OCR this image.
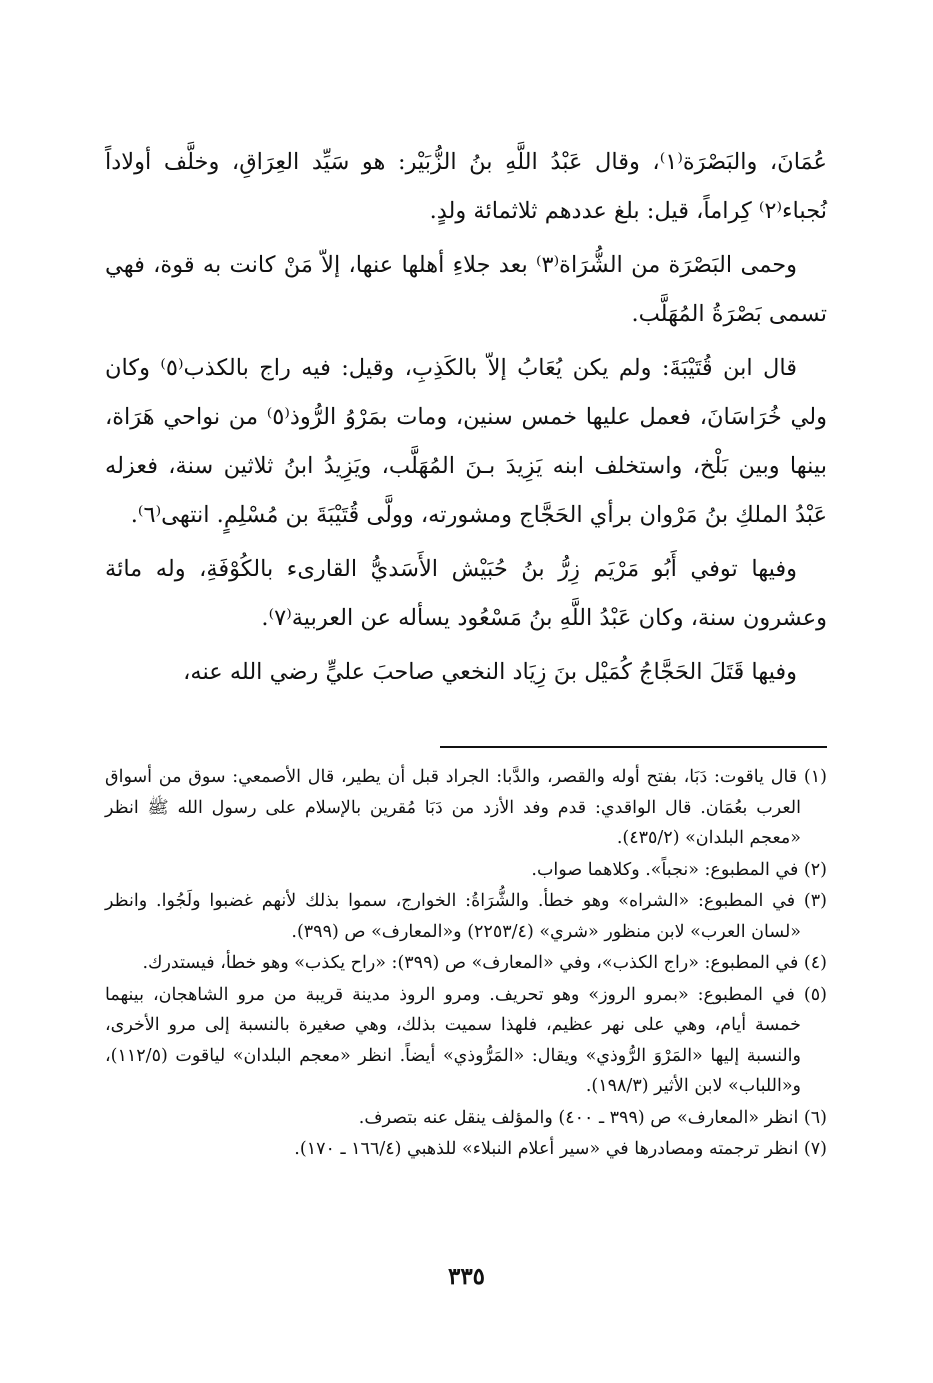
عُمَانَ، والبَصْرَة⁽١⁾، وقال عَبْدُ اللَّهِ بنُ الزُّبَيْر: هو سَيِّد العِرَاقِ، وخلَّف أولاداً نُجباء⁽٢⁾ كِراماً، قيل: بلغ عددهم ثلاثمائة ولدٍ.

وحمى البَصْرَة من الشُّرَاة⁽٣⁾ بعد جلاءِ أهلها عنها، إلاّ مَنْ كانت به قوة، فهي تسمى بَصْرَةُ المُهَلَّب.

قال ابن قُتَيْبَةَ: ولم يكن يُعَابُ إلاّ بالكَذِبِ، وقيل: فيه راج بالكذب⁽٥⁾ وكان ولي خُرَاسَانَ، فعمل عليها خمس سنين، ومات بمَرْوُ الرُّوذ⁽٥⁾ من نواحي هَرَاة، بينها وبين بَلْخ، واستخلف ابنه يَزِيدَ بـنَ المُهَلَّب، ويَزِيدُ ابنُ ثلاثين سنة، فعزله عَبْدُ الملكِ بنُ مَرْوان برأي الحَجَّاج ومشورته، وولَّى قُتَيْبَةَ بن مُسْلِمٍ. انتهى⁽٦⁾.

وفيها توفي أَبُو مَرْيَم زِرُّ بنُ حُبَيْش الأَسَديُّ القارىء بالكُوْفَةِ، وله مائة وعشرون سنة، وكان عَبْدُ اللَّهِ بنُ مَسْعُود يسأله عن العربية⁽٧⁾.

وفيها قَتَلَ الحَجَّاجُ كُمَيْل بنَ زِيَاد النخعي صاحبَ عليٍّ رضي الله عنه،

(١) قال ياقوت: دَبَا، بفتح أوله والقصر، والدَّبا: الجراد قبل أن يطير، قال الأصمعي: سوق من أسواق العرب بعُمَان. قال الواقدي: قدم وفد الأزد من دَبَا مُقرين بالإسلام على رسول الله ﷺ انظر «معجم البلدان» (٤٣٥/٢).

(٢) في المطبوع: «نجباً». وكلاهما صواب.

(٣) في المطبوع: «الشراه» وهو خطأ. والشُّرَاةُ: الخوارج، سموا بذلك لأنهم غضبوا ولَجُوا. وانظر «لسان العرب» لابن منظور «شري» (٢٢٥٣/٤) و«المعارف» ص (٣٩٩).

(٤) في المطبوع: «راج الكذب»، وفي «المعارف» ص (٣٩٩): «راح يكذب» وهو خطأ، فيستدرك.

(٥) في المطبوع: «بمرو الروز» وهو تحريف. ومرو الروذ مدينة قريبة من مرو الشاهجان، بينهما خمسة أيام، وهي على نهر عظيم، فلهذا سميت بذلك، وهي صغيرة بالنسبة إلى مرو الأخرى، والنسبة إليها «المَرْوَ الرُّوذي» ويقال: «المَرُّوذي» أيضاً. انظر «معجم البلدان» لياقوت (١١٢/٥)، و«اللباب» لابن الأثير (١٩٨/٣).

(٦) انظر «المعارف» ص (٣٩٩ ـ ٤٠٠) والمؤلف ينقل عنه بتصرف.

(٧) انظر ترجمته ومصادرها في «سير أعلام النبلاء» للذهبي (١٦٦/٤ ـ ١٧٠).

٣٣٥
